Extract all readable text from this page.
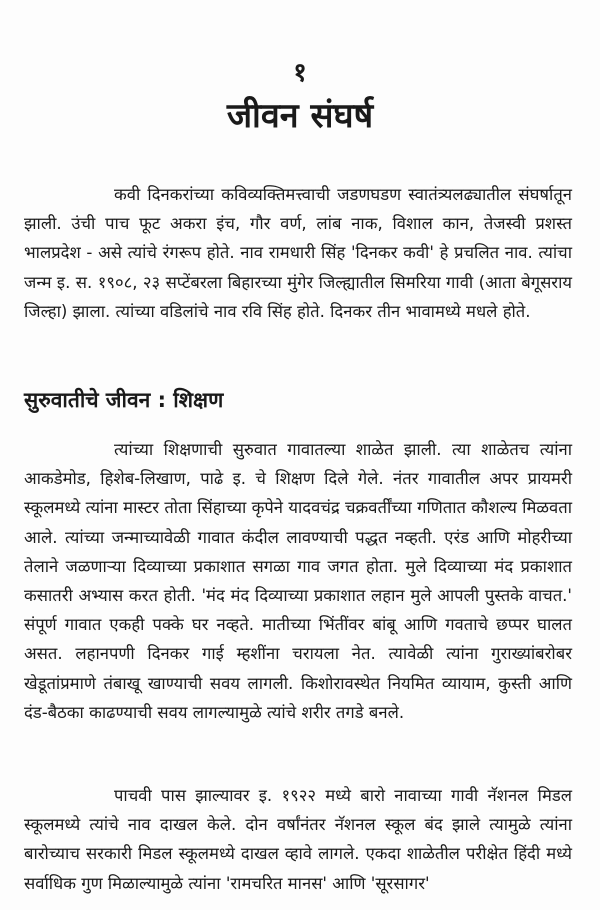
१
जीवन संघर्ष

कवी दिनकरांच्या कविव्यक्तिमत्त्वाची जडणघडण स्वातंत्र्यलढ्यातील संघर्षातून झाली. उंची पाच फूट अकरा इंच, गौर वर्ण, लांब नाक, विशाल कान, तेजस्वी प्रशस्त भालप्रदेश - असे त्यांचे रंगरूप होते. नाव रामधारी सिंह 'दिनकर कवी' हे प्रचलित नाव. त्यांचा जन्म इ. स. १९०८, २३ सप्टेंबरला बिहारच्या मुंगेर जिल्ह्यातील सिमरिया गावी (आता बेगूसराय जिल्हा) झाला. त्यांच्या वडिलांचे नाव रवि सिंह होते. दिनकर तीन भावामध्ये मधले होते.

सुरुवातीचे जीवन : शिक्षण

त्यांच्या शिक्षणाची सुरुवात गावातल्या शाळेत झाली. त्या शाळेतच त्यांना आकडेमोड, हिशेब-लिखाण, पाढे इ. चे शिक्षण दिले गेले. नंतर गावातील अपर प्रायमरी स्कूलमध्ये त्यांना मास्टर तोता सिंहाच्या कृपेने यादवचंद्र चक्रवर्तींच्या गणितात कौशल्य मिळवता आले. त्यांच्या जन्माच्यावेळी गावात कंदील लावण्याची पद्धत नव्हती. एरंड आणि मोहरीच्या तेलाने जळणाऱ्या दिव्याच्या प्रकाशात सगळा गाव जगत होता. मुले दिव्याच्या मंद प्रकाशात कसातरी अभ्यास करत होती. 'मंद मंद दिव्याच्या प्रकाशात लहान मुले आपली पुस्तके वाचत.' संपूर्ण गावात एकही पक्के घर नव्हते. मातीच्या भिंतींवर बांबू आणि गवताचे छप्पर घालत असत. लहानपणी दिनकर गाई म्हशींना चरायला नेत. त्यावेळी त्यांना गुराख्यांबरोबर खेडूतांप्रमाणे तंबाखू खाण्याची सवय लागली. किशोरावस्थेत नियमित व्यायाम, कुस्ती आणि दंड-बैठका काढण्याची सवय लागल्यामुळे त्यांचे शरीर तगडे बनले.

पाचवी पास झाल्यावर इ. १९२२ मध्ये बारो नावाच्या गावी नॅशनल मिडल स्कूलमध्ये त्यांचे नाव दाखल केले. दोन वर्षांनंतर नॅशनल स्कूल बंद झाले त्यामुळे त्यांना बारोच्याच सरकारी मिडल स्कूलमध्ये दाखल व्हावे लागले. एकदा शाळेतील परीक्षेत हिंदी मध्ये सर्वाधिक गुण मिळाल्यामुळे त्यांना 'रामचरित मानस' आणि 'सूरसागर'
